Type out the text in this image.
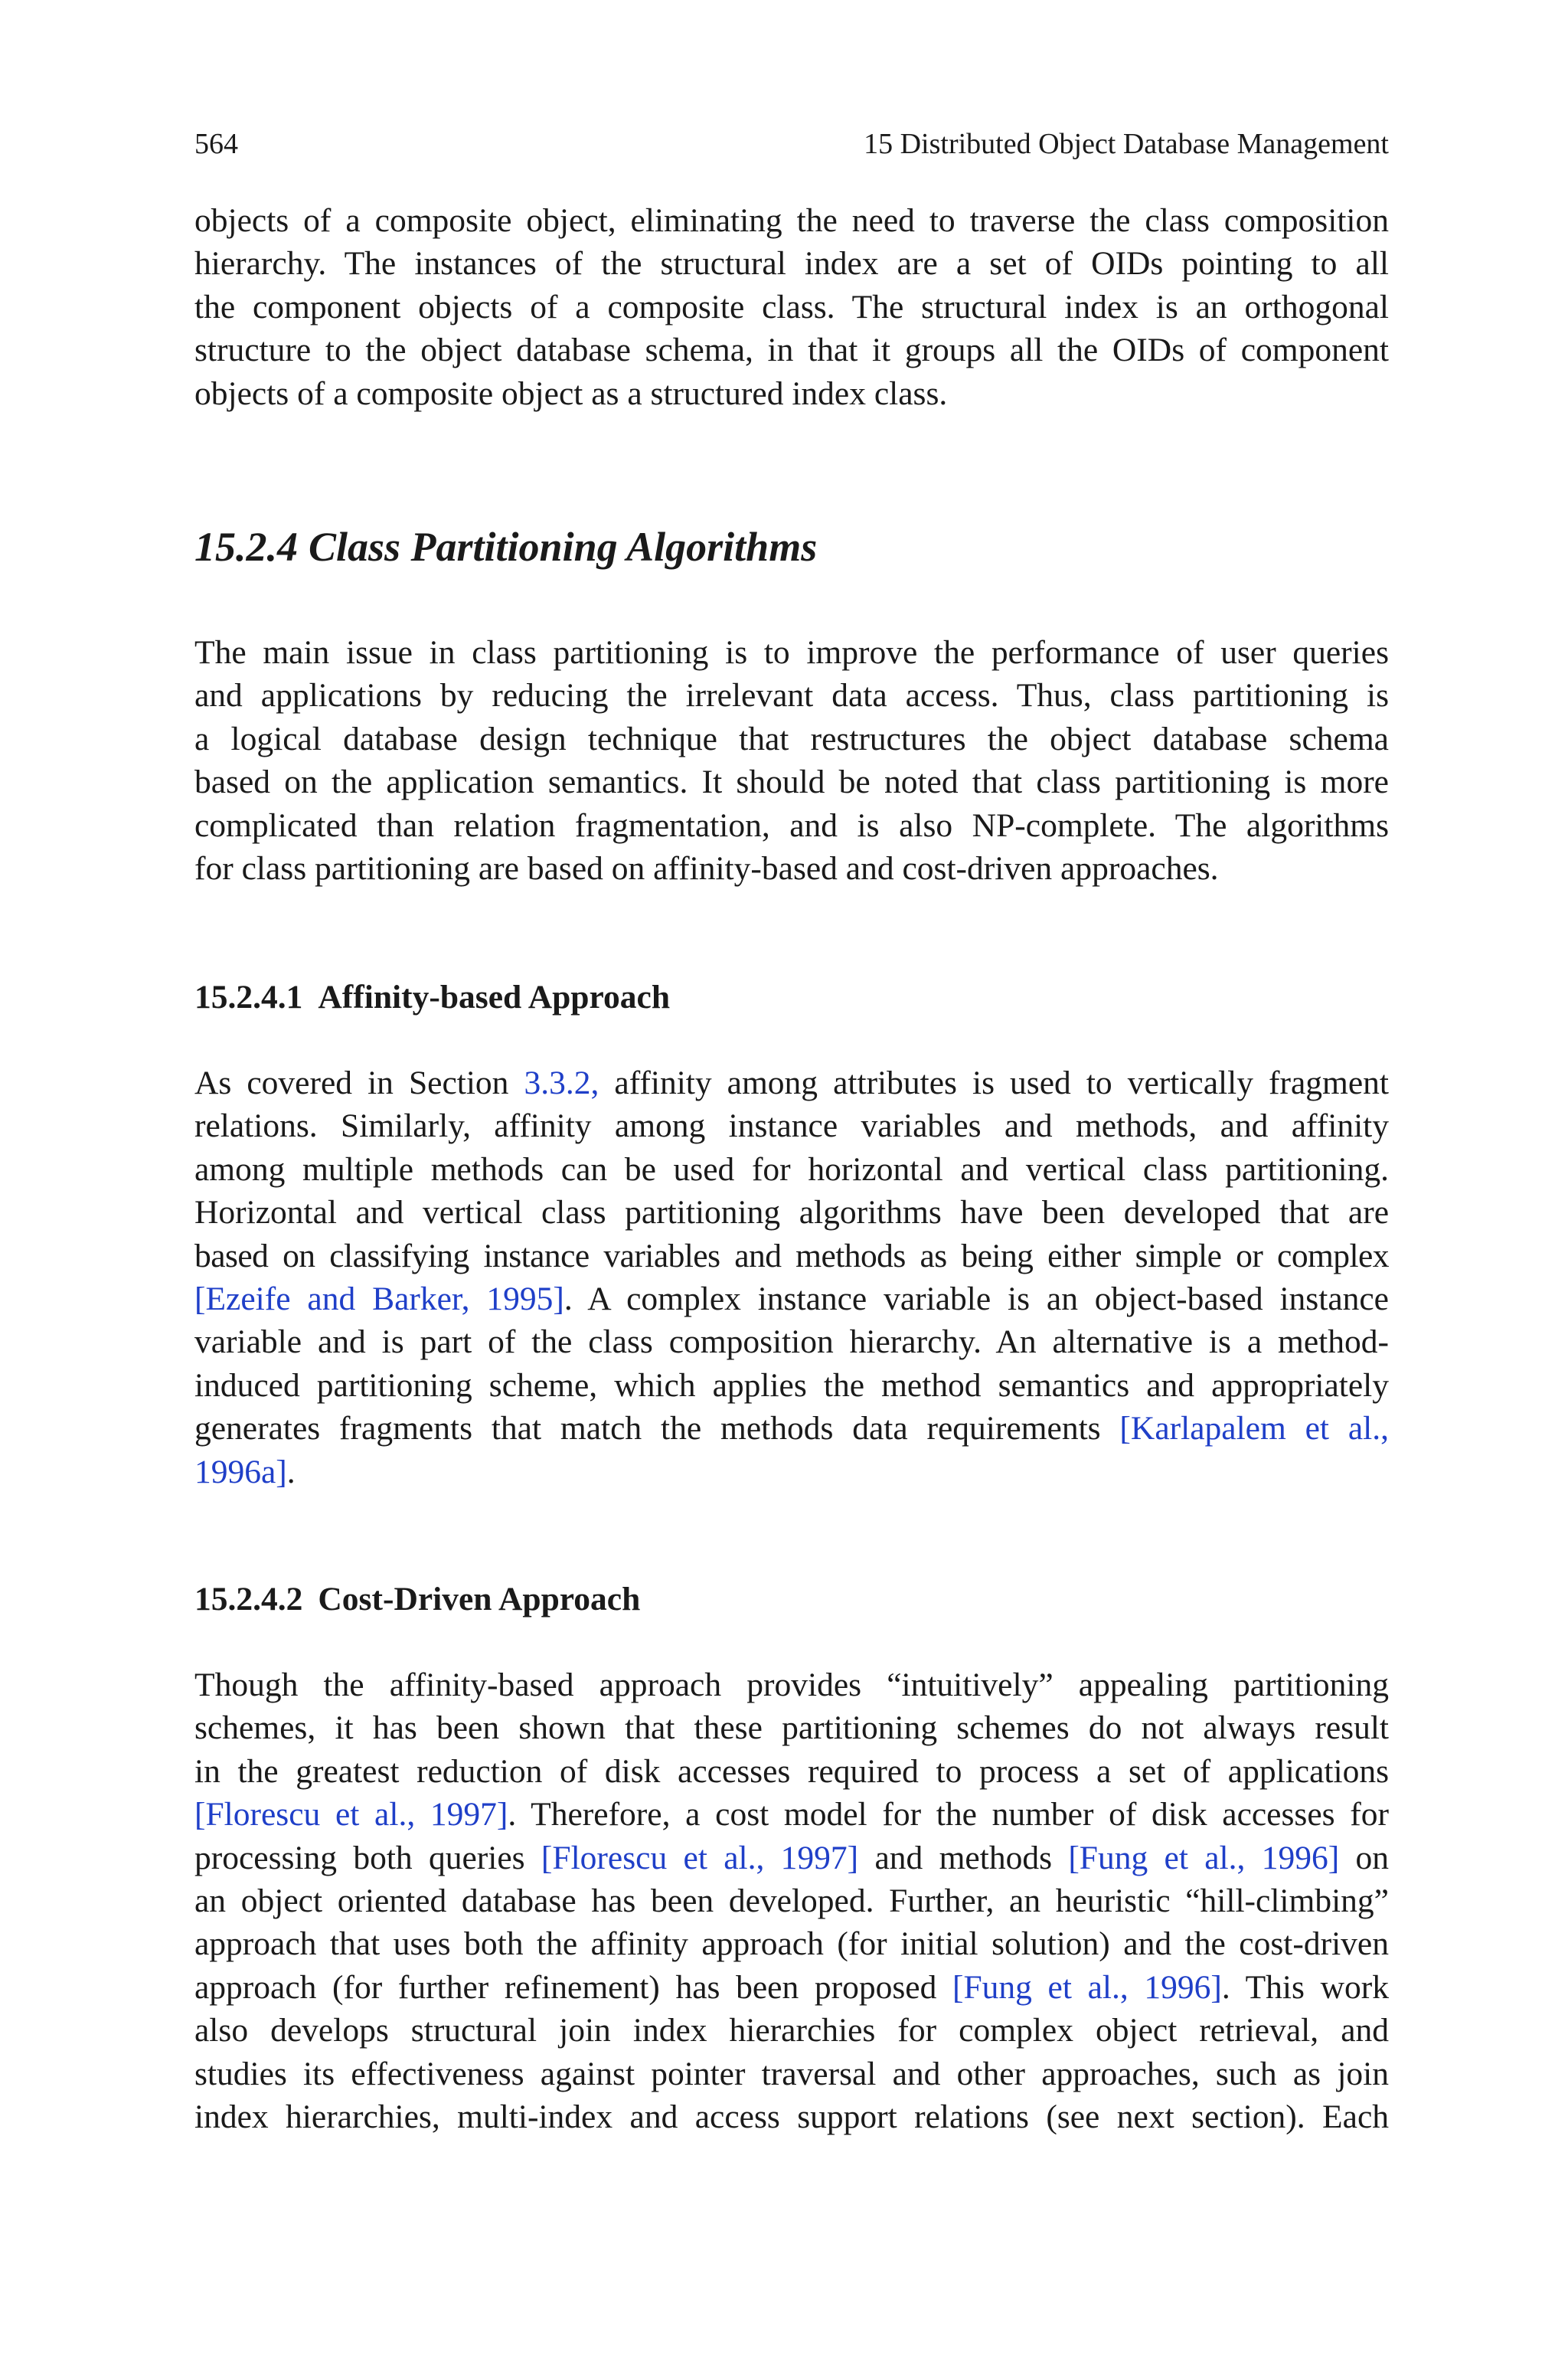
564	15 Distributed Object Database Management

objects of a composite object, eliminating the need to traverse the class composition
hierarchy. The instances of the structural index are a set of OIDs pointing to all
the component objects of a composite class. The structural index is an orthogonal
structure to the object database schema, in that it groups all the OIDs of component
objects of a composite object as a structured index class.

15.2.4 Class Partitioning Algorithms

The main issue in class partitioning is to improve the performance of user queries
and applications by reducing the irrelevant data access. Thus, class partitioning is
a logical database design technique that restructures the object database schema
based on the application semantics. It should be noted that class partitioning is more
complicated than relation fragmentation, and is also NP-complete. The algorithms
for class partitioning are based on affinity-based and cost-driven approaches.

15.2.4.1 Affinity-based Approach

As covered in Section 3.3.2, affinity among attributes is used to vertically fragment
relations. Similarly, affinity among instance variables and methods, and affinity
among multiple methods can be used for horizontal and vertical class partitioning.
Horizontal and vertical class partitioning algorithms have been developed that are
based on classifying instance variables and methods as being either simple or complex
[Ezeife and Barker, 1995]. A complex instance variable is an object-based instance
variable and is part of the class composition hierarchy. An alternative is a method-
induced partitioning scheme, which applies the method semantics and appropriately
generates fragments that match the methods data requirements [Karlapalem et al.,
1996a].

15.2.4.2 Cost-Driven Approach

Though the affinity-based approach provides “intuitively” appealing partitioning
schemes, it has been shown that these partitioning schemes do not always result
in the greatest reduction of disk accesses required to process a set of applications
[Florescu et al., 1997]. Therefore, a cost model for the number of disk accesses for
processing both queries [Florescu et al., 1997] and methods [Fung et al., 1996] on
an object oriented database has been developed. Further, an heuristic “hill-climbing”
approach that uses both the affinity approach (for initial solution) and the cost-driven
approach (for further refinement) has been proposed [Fung et al., 1996]. This work
also develops structural join index hierarchies for complex object retrieval, and
studies its effectiveness against pointer traversal and other approaches, such as join
index hierarchies, multi-index and access support relations (see next section). Each
